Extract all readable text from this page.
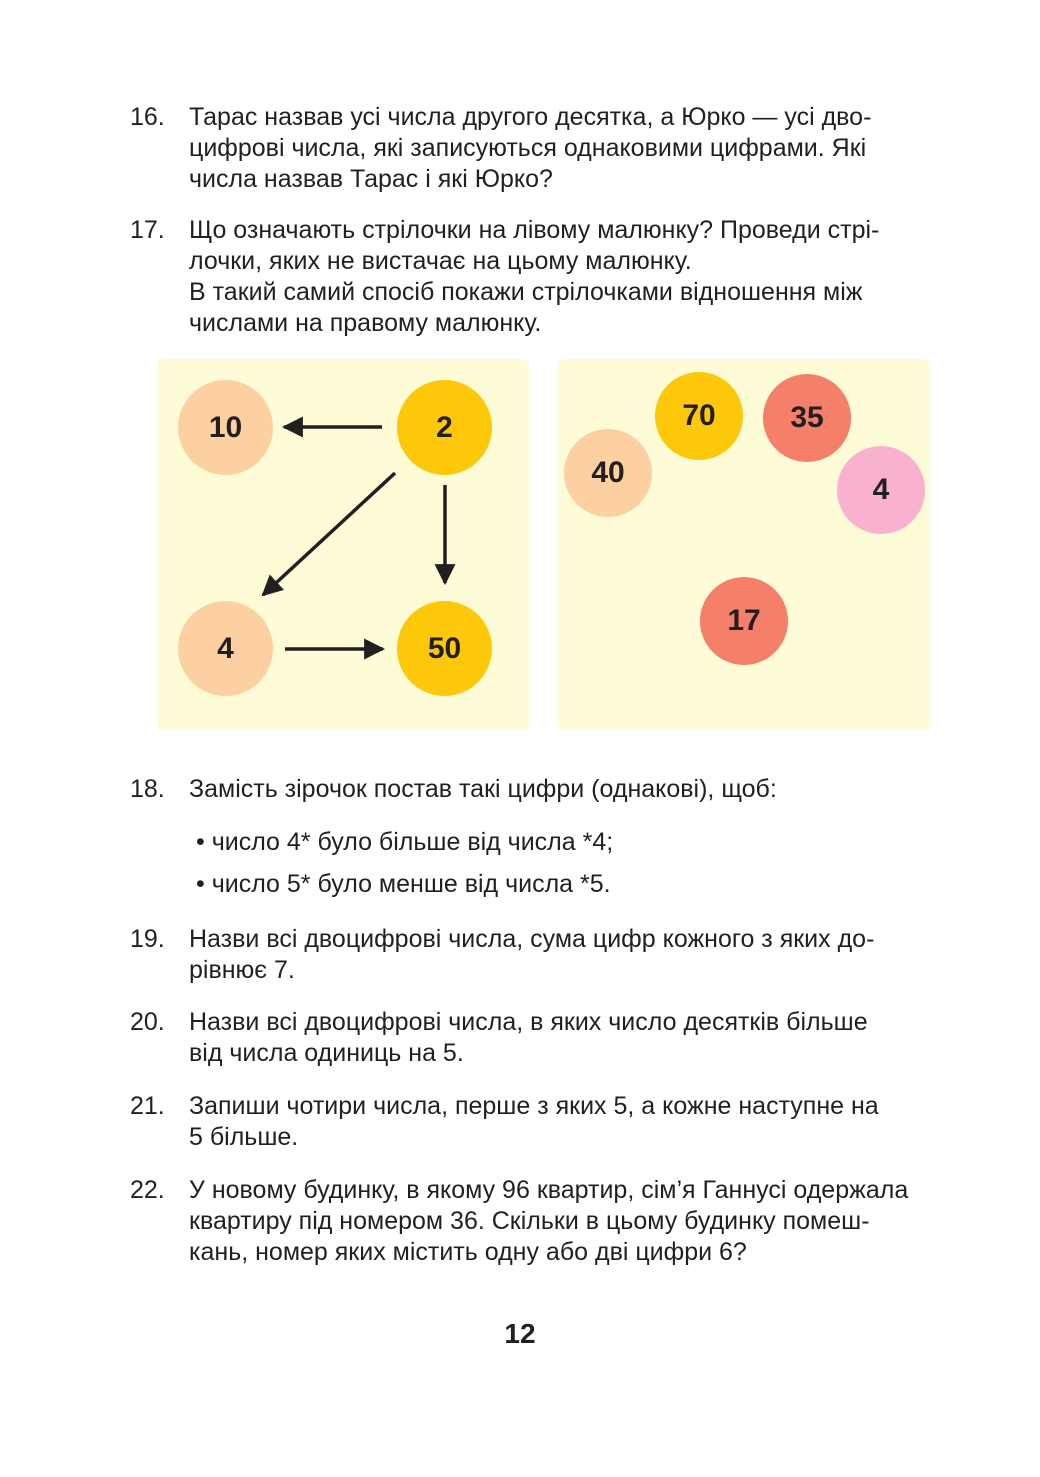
16. Тарас назвав усі числа другого десятка, а Юрко — усі дво-
цифрові числа, які записуються однаковими цифрами. Які
числа назвав Тарас і які Юрко?
17. Що означають стрілочки на лівому малюнку? Проведи стрі-
лочки, яких не вистачає на цьому малюнку.
В такий самий спосіб покажи стрілочками відношення між
числами на правому малюнку.
10	2
4	50
70	35
40
4
17
18. Замість зірочок постав такі цифри (однакові), щоб:
• число 4* було більше від числа *4;
• число 5* було менше від числа *5.
19. Назви всі двоцифрові числа, сума цифр кожного з яких до-
рівнює 7.
20. Назви всі двоцифрові числа, в яких число десятків більше
від числа одиниць на 5.
21. Запиши чотири числа, перше з яких 5, а кожне наступне на
5 більше.
22. У новому будинку, в якому 96 квартир, сім’я Ганнусі одержала
квартиру під номером 36. Скільки в цьому будинку помеш-
кань, номер яких містить одну або дві цифри 6?
12
